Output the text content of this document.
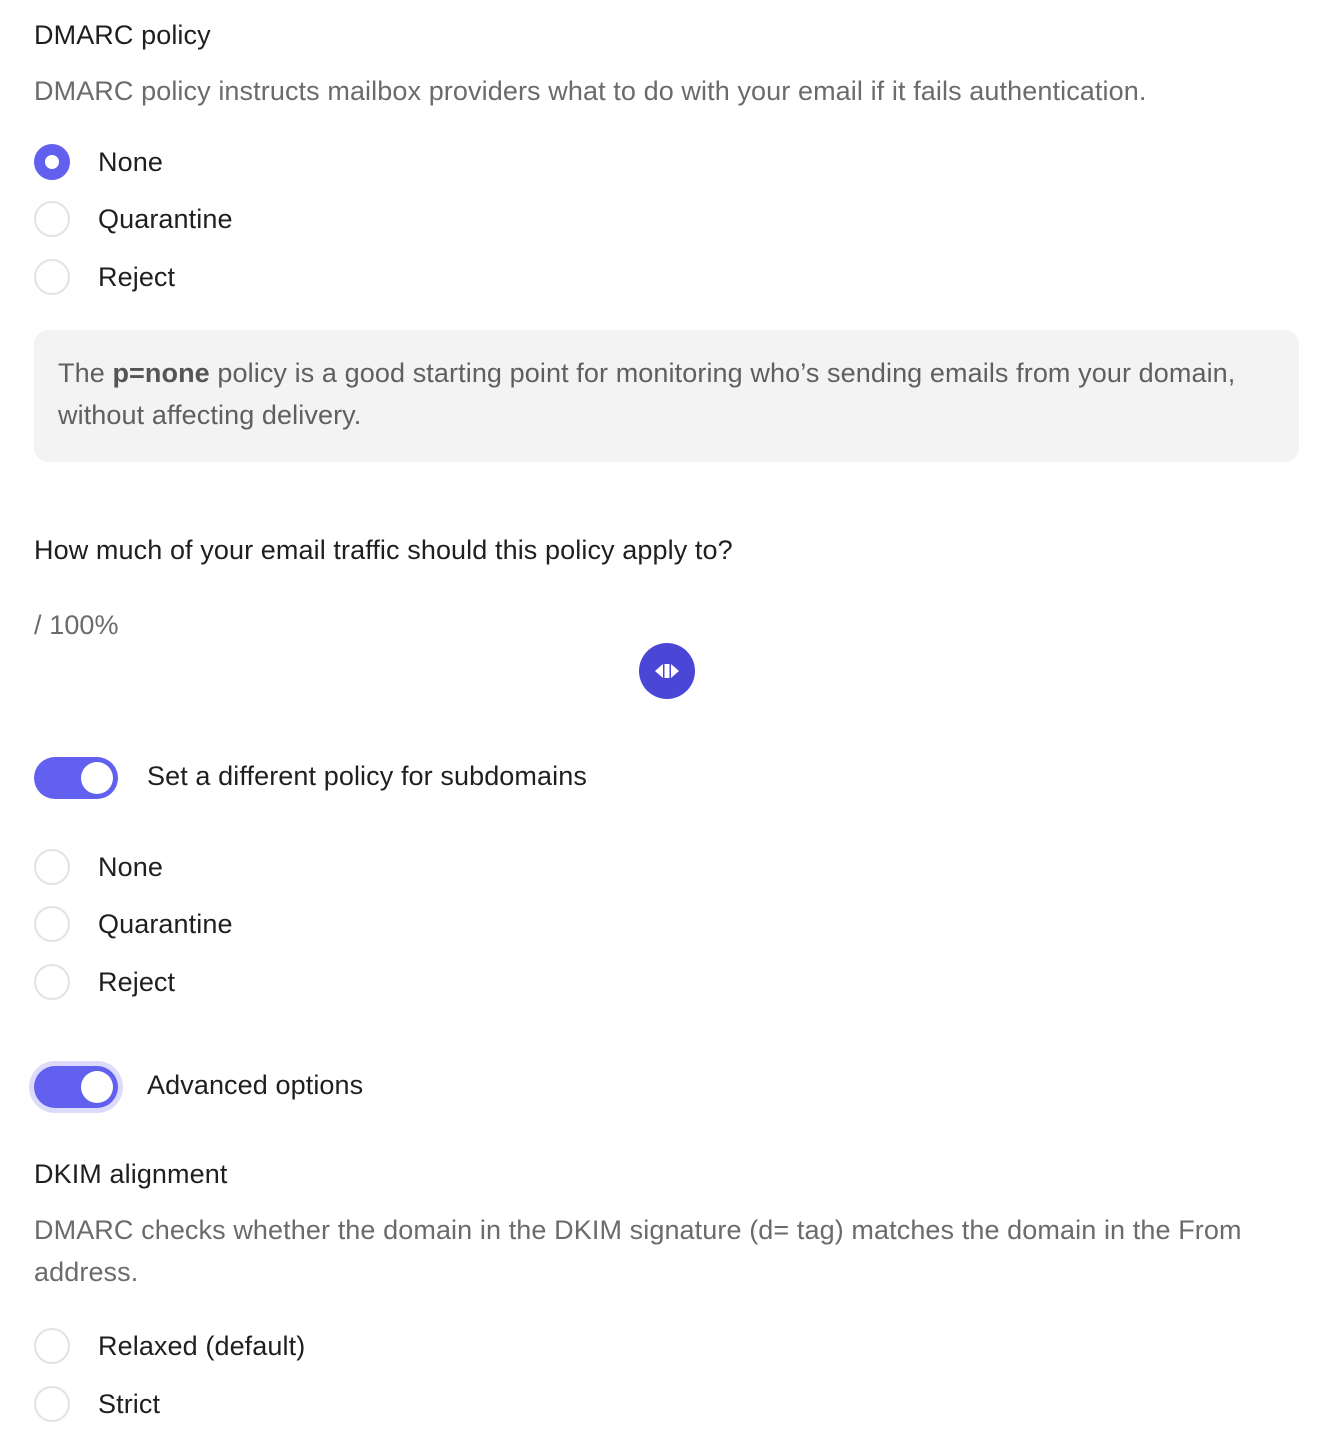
DMARC policy
DMARC policy instructs mailbox providers what to do with your email if it fails authentication.
None
Quarantine
Reject
The p=none policy is a good starting point for monitoring who’s sending emails from your domain, without affecting delivery.
How much of your email traffic should this policy apply to?
/ 100%
Set a different policy for subdomains
None
Quarantine
Reject
Advanced options
DKIM alignment
DMARC checks whether the domain in the DKIM signature (d= tag) matches the domain in the From address.
Relaxed (default)
Strict
